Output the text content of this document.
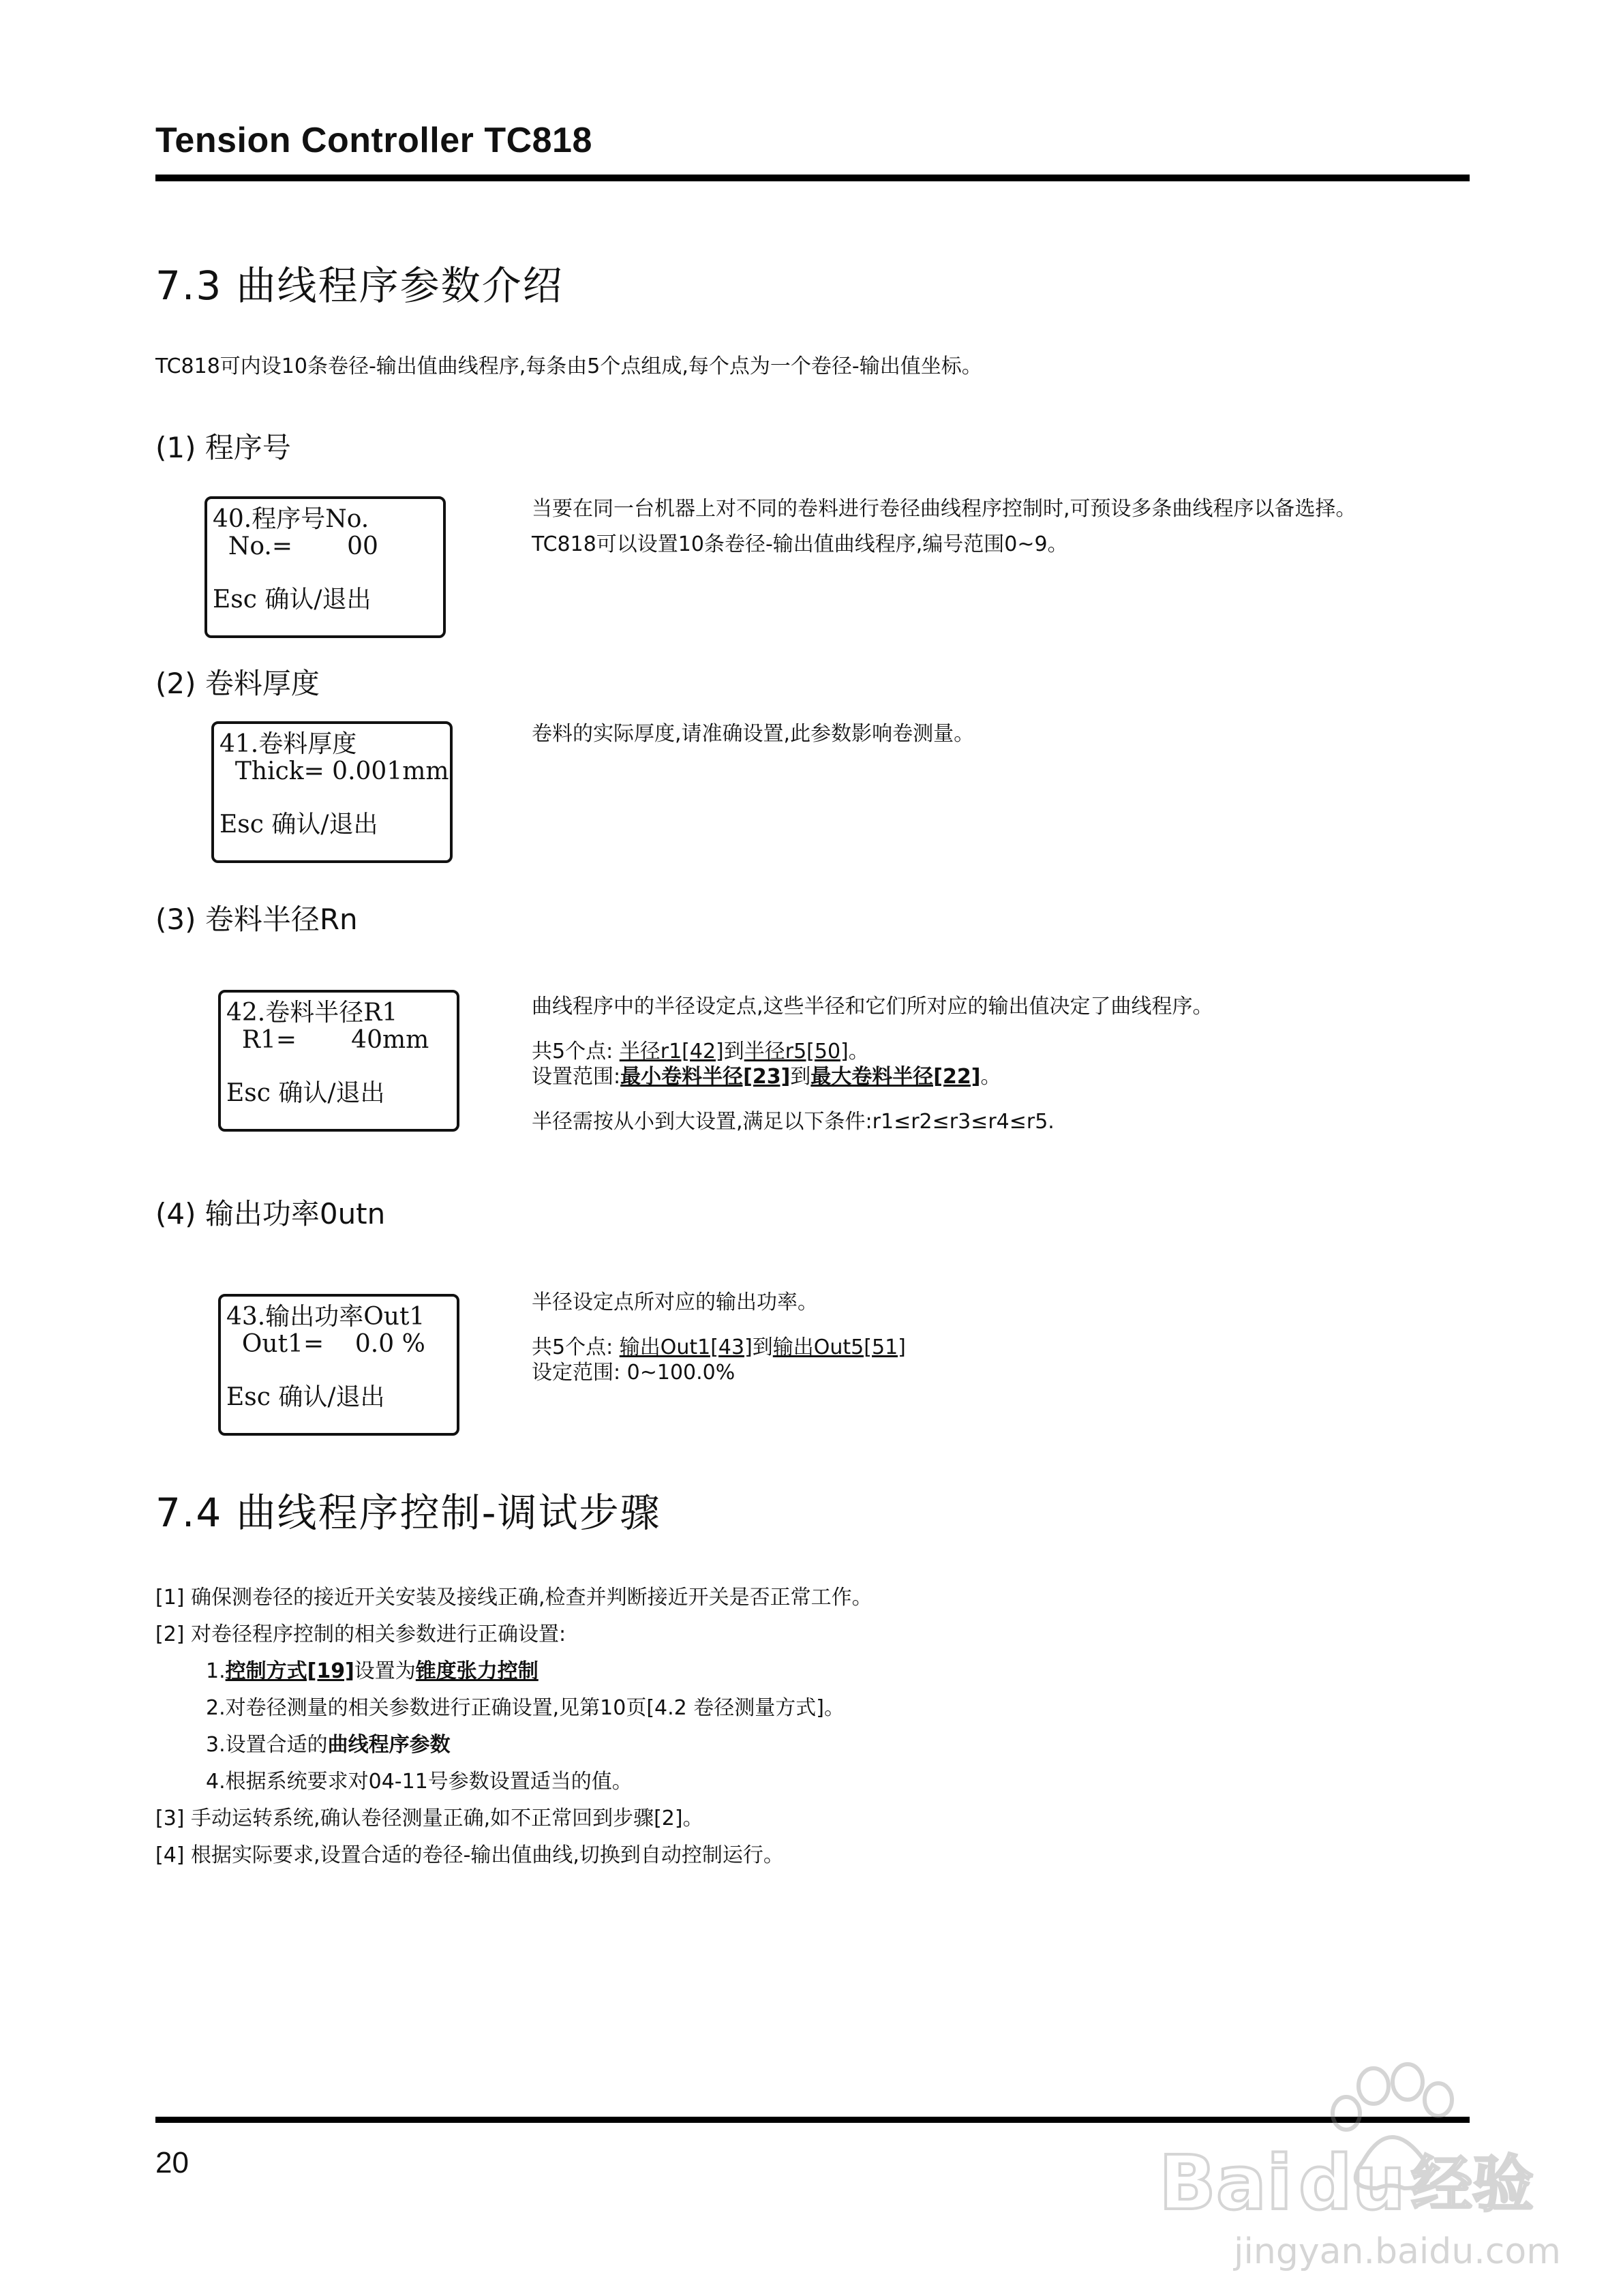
Tension Controller TC818
7.3 曲线程序参数介绍
TC818可内设10条卷径-输出值曲线程序,每条由5个点组成,每个点为一个卷径-输出值坐标。
(1) 程序号
40.程序号No.
No.=       00
Esc 确认/退出

当要在同一台机器上对不同的卷料进行卷径曲线程序控制时,可预设多条曲线程序以备选择。

TC818可以设置10条卷径-输出值曲线程序,编号范围0~9。

(2) 卷料厚度
41.卷料厚度
Thick= 0.001mm
Esc 确认/退出

卷料的实际厚度,请准确设置,此参数影响卷测量。

(3) 卷料半径Rn
42.卷料半径R1
R1=       40mm
Esc 确认/退出

曲线程序中的半径设定点,这些半径和它们所对应的输出值决定了曲线程序。

共5个点: 半径r1[42]到半径r5[50]。

设置范围:最小卷料半径[23]到最大卷料半径[22]。

半径需按从小到大设置,满足以下条件:r1≤r2≤r3≤r4≤r5.

(4) 输出功率0utn
43.输出功率Out1
Out1=    0.0 %
Esc 确认/退出

半径设定点所对应的输出功率。

共5个点: 输出Out1[43]到输出Out5[51]

设定范围: 0~100.0%

7.4 曲线程序控制-调试步骤
[1] 确保测卷径的接近开关安装及接线正确,检查并判断接近开关是否正常工作。
[2] 对卷径程序控制的相关参数进行正确设置:
1.控制方式[19]设置为锥度张力控制
2.对卷径测量的相关参数进行正确设置,见第10页[4.2 卷径测量方式]。
3.设置合适的曲线程序参数
4.根据系统要求对04-11号参数设置适当的值。
[3] 手动运转系统,确认卷径测量正确,如不正常回到步骤[2]。
[4] 根据实际要求,设置合适的卷径-输出值曲线,切换到自动控制运行。
20	Bai du 经验
jingyan.baidu.com
